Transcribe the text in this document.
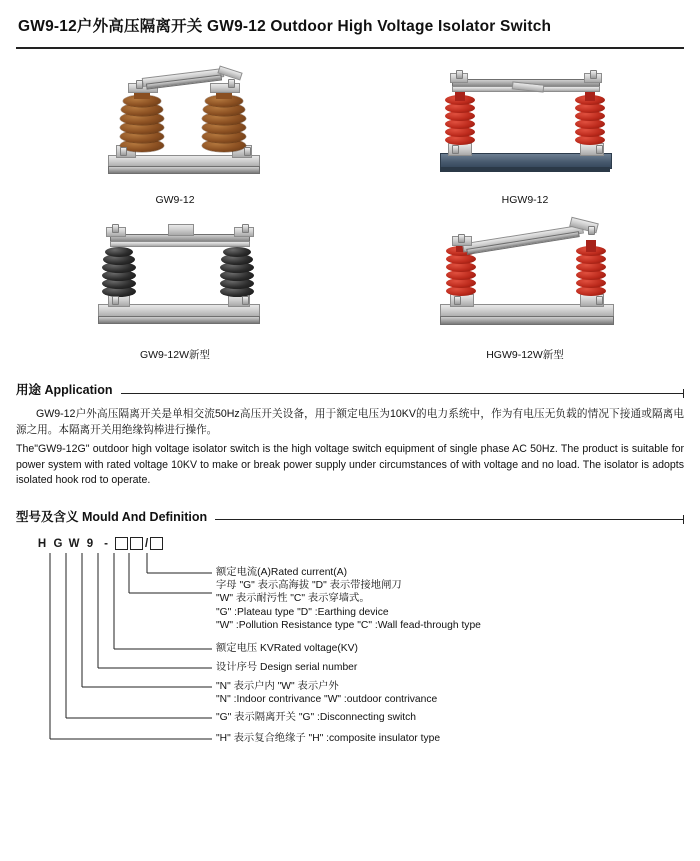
GW9-12户外高压隔离开关 GW9-12 Outdoor High Voltage Isolator Switch
GW9-12	HGW9-12
GW9-12W新型	HGW9-12W新型
用途 Application
GW9-12户外高压隔离开关是单相交流50Hz高压开关设备，用于额定电压为10KV的电力系统中，作为有电压无负载的情况下接通或隔离电源之用。本隔离开关用绝缘钩棒进行操作。
The"GW9-12G" outdoor high voltage isolator switch is the high voltage switch equipment of single phase AC 50Hz. The product is suitable for power system with rated voltage 10KV to make or break power supply under circumstances of with voltage and no load. The isolator is adopts isolated hook rod to operate.
型号及含义 Mould And Definition
H G W 9 -	/
额定电流(A)Rated current(A)
字母 "G" 表示高海拔 "D" 表示带接地闸刀
"W" 表示耐污性 "C" 表示穿墙式。
"G" :Plateau type "D" :Earthing device
"W" :Pollution Resistance type "C" :Wall fead-through type
额定电压 KVRated voltage(KV)
设计序号 Design serial number
"N" 表示户内 "W" 表示户外
"N" :Indoor contrivance "W" :outdoor contrivance
"G" 表示隔离开关 "G" :Disconnecting switch
"H" 表示复合绝缘子 "H" :composite insulator type
